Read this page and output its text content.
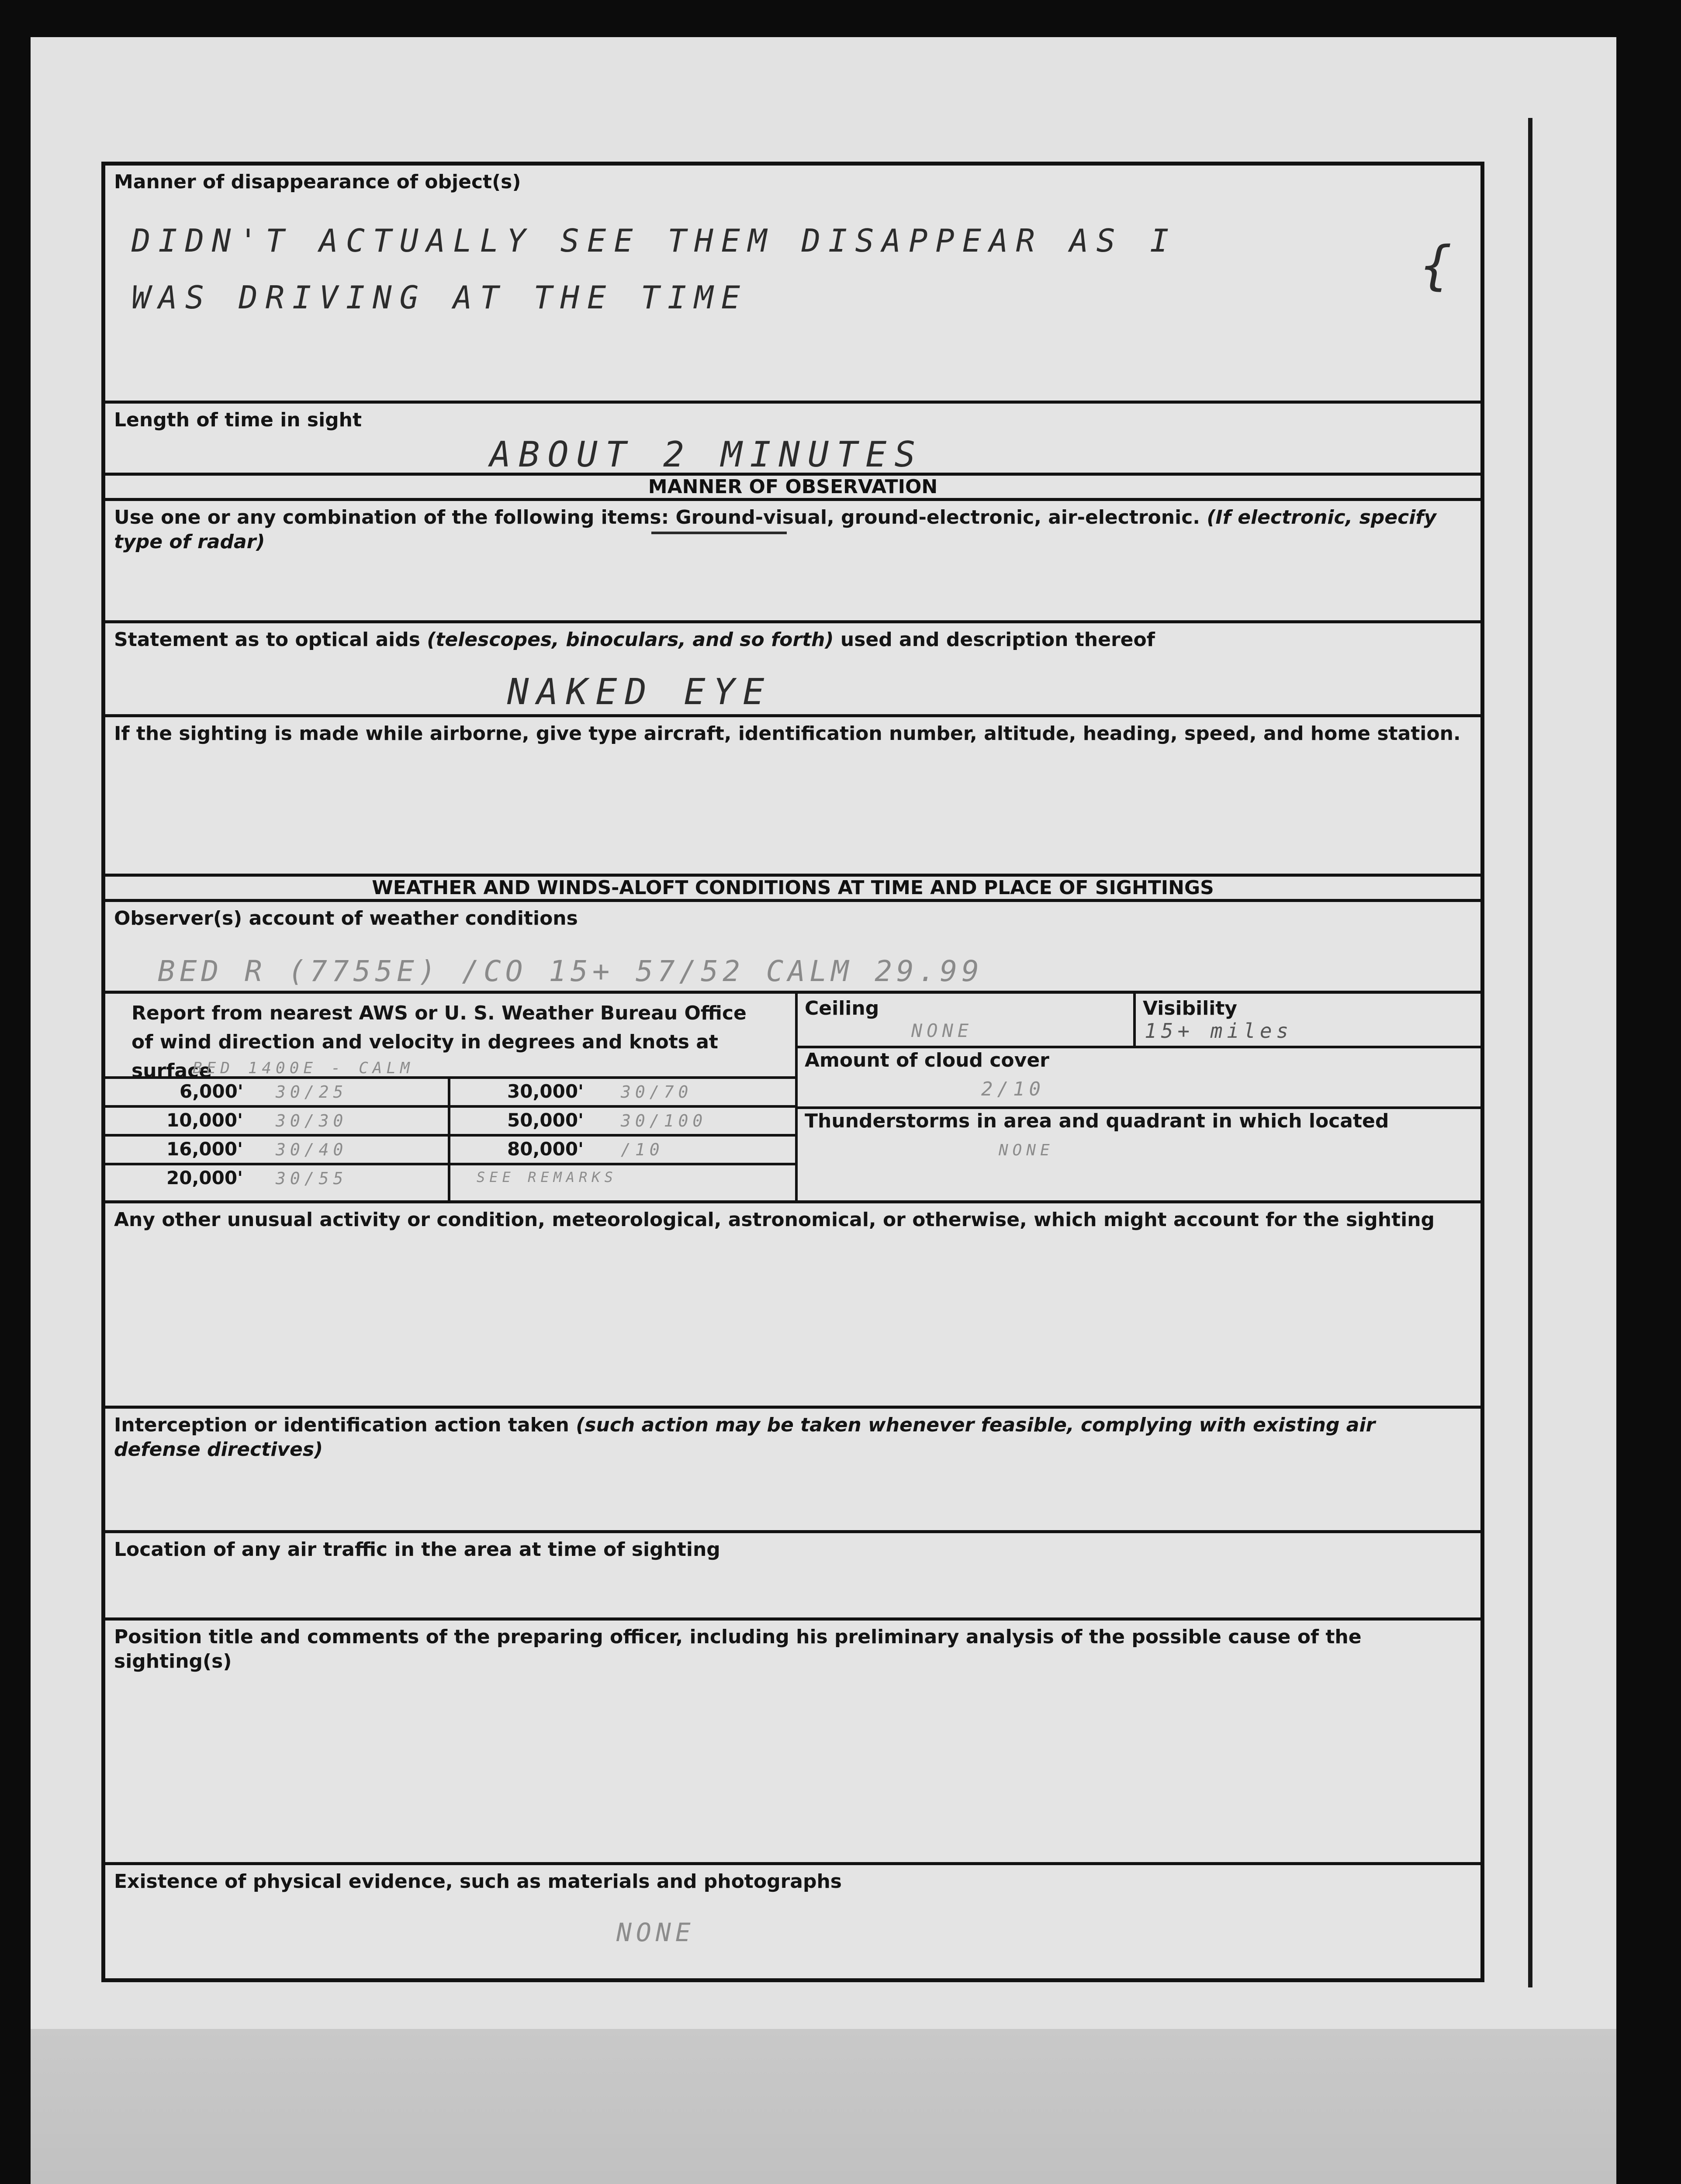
Manner of disappearance of object(s)
DIDN'T ACTUALLY SEE THEM DISAPPEAR AS I
WAS DRIVING AT THE TIME
{
Length of time in sight
ABOUT 2 MINUTES
MANNER OF OBSERVATION
Use one or any combination of the following items: Ground-visual, ground-electronic, air-electronic. (If electronic, specify type of radar)
Statement as to optical aids (telescopes, binoculars, and so forth) used and description thereof
NAKED EYE
If the sighting is made while airborne, give type aircraft, identification number, altitude, heading, speed, and home station.
WEATHER AND WINDS-ALOFT CONDITIONS AT TIME AND PLACE OF SIGHTINGS
Observer(s) account of weather conditions
BED R (7755E) /CO 15+ 57/52 CALM 29.99
Report from nearest AWS or U. S. Weather Bureau Office of wind direction and velocity in degrees and knots at surface
BED 1400E - CALM
6,000' 30/25	30,000' 30/70
10,000' 30/30	50,000' 30/100
16,000' 30/40	80,000' /10
20,000' 30/55	SEE REMARKS
Ceiling
NONE
Visibility
15+ miles
Amount of cloud cover
2/10
Thunderstorms in area and quadrant in which located
NONE
Any other unusual activity or condition, meteorological, astronomical, or otherwise, which might account for the sighting
Interception or identification action taken (such action may be taken whenever feasible, complying with existing air defense directives)
Location of any air traffic in the area at time of sighting
Position title and comments of the preparing officer, including his preliminary analysis of the possible cause of the sighting(s)
Existence of physical evidence, such as materials and photographs
NONE
